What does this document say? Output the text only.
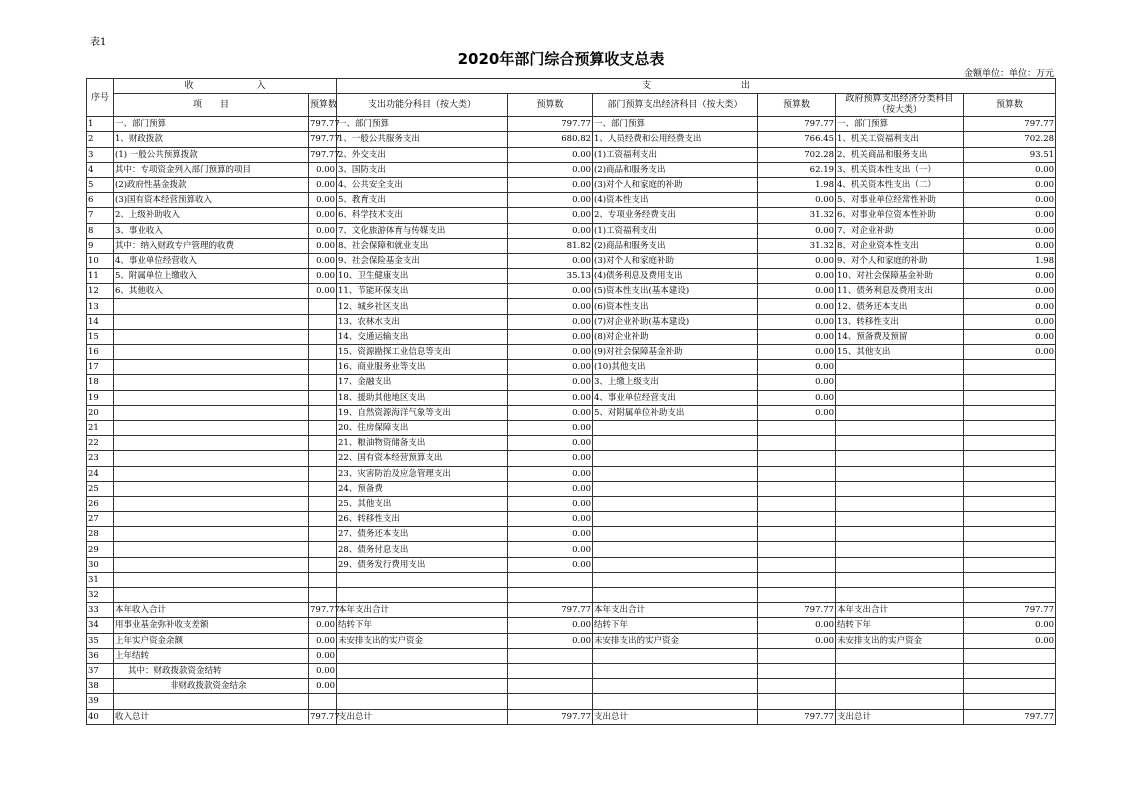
表1
2020年部门综合预算收支总表
金额单位：单位：万元
序号	收　　　　　　　入		支　　　　　　　　　　出					
	项　　目	预算数	支出功能分科目（按大类）	预算数	部门预算支出经济科目（按大类）	预算数	政府预算支出经济分类科目（按大类）	预算数
1	一、部门预算	797.77	一、部门预算	797.77	一、部门预算	797.77	一、部门预算	797.77
2	1、财政拨款	797.77	1、一般公共服务支出	680.82	1、人员经费和公用经费支出	766.45	1、机关工资福利支出	702.28
3	(1) 一般公共预算拨款	797.77	2、外交支出	0.00	(1)工资福利支出	702.28	2、机关商品和服务支出	93.51
4	其中：专项资金列入部门预算的项目	0.00	3、国防支出	0.00	(2)商品和服务支出	62.19	3、机关资本性支出（一）	0.00
5	(2)政府性基金拨款	0.00	4、公共安全支出	0.00	(3)对个人和家庭的补助	1.98	4、机关资本性支出（二）	0.00
6	(3)国有资本经营预算收入	0.00	5、教育支出	0.00	(4)资本性支出	0.00	5、对事业单位经常性补助	0.00
7	2、上级补助收入	0.00	6、科学技术支出	0.00	2、专项业务经费支出	31.32	6、对事业单位资本性补助	0.00
8	3、事业收入	0.00	7、文化旅游体育与传媒支出	0.00	(1)工资福利支出	0.00	7、对企业补助	0.00
9	其中：纳入财政专户管理的收费	0.00	8、社会保障和就业支出	81.82	(2)商品和服务支出	31.32	8、对企业资本性支出	0.00
10	4、事业单位经营收入	0.00	9、社会保险基金支出	0.00	(3)对个人和家庭补助	0.00	9、对个人和家庭的补助	1.98
11	5、附属单位上缴收入	0.00	10、卫生健康支出	35.13	(4)债务利息及费用支出	0.00	10、对社会保障基金补助	0.00
12	6、其他收入	0.00	11、节能环保支出	0.00	(5)资本性支出(基本建设)	0.00	11、债务利息及费用支出	0.00
13			12、城乡社区支出	0.00	(6)资本性支出	0.00	12、债务还本支出	0.00
14			13、农林水支出	0.00	(7)对企业补助(基本建设)	0.00	13、转移性支出	0.00
15			14、交通运输支出	0.00	(8)对企业补助	0.00	14、预备费及预留	0.00
16			15、资源勘探工业信息等支出	0.00	(9)对社会保障基金补助	0.00	15、其他支出	0.00
17			16、商业服务业等支出	0.00	(10)其他支出	0.00		
18			17、金融支出	0.00	3、上缴上级支出	0.00		
19			18、援助其他地区支出	0.00	4、事业单位经营支出	0.00		
20			19、自然资源海洋气象等支出	0.00	5、对附属单位补助支出	0.00		
21			20、住房保障支出	0.00				
22			21、粮油物资储备支出	0.00				
23			22、国有资本经营预算支出	0.00				
24			23、灾害防治及应急管理支出	0.00				
25			24、预备费	0.00				
26			25、其他支出	0.00				
27			26、转移性支出	0.00				
28			27、债务还本支出	0.00				
29			28、债务付息支出	0.00				
30			29、债务发行费用支出	0.00				
31								
32								
33	本年收入合计	797.77	本年支出合计	797.77	本年支出合计	797.77	本年支出合计	797.77
34	用事业基金弥补收支差额	0.00	结转下年	0.00	结转下年	0.00	结转下年	0.00
35	上年实户资金余额	0.00	未安排支出的实户资金	0.00	未安排支出的实户资金	0.00	未安排支出的实户资金	0.00
36	上年结转	0.00						
37	其中：财政拨款资金结转	0.00						
38	非财政拨款资金结余	0.00						
39								
40	收入总计	797.77	支出总计	797.77	支出总计	797.77	支出总计	797.77
